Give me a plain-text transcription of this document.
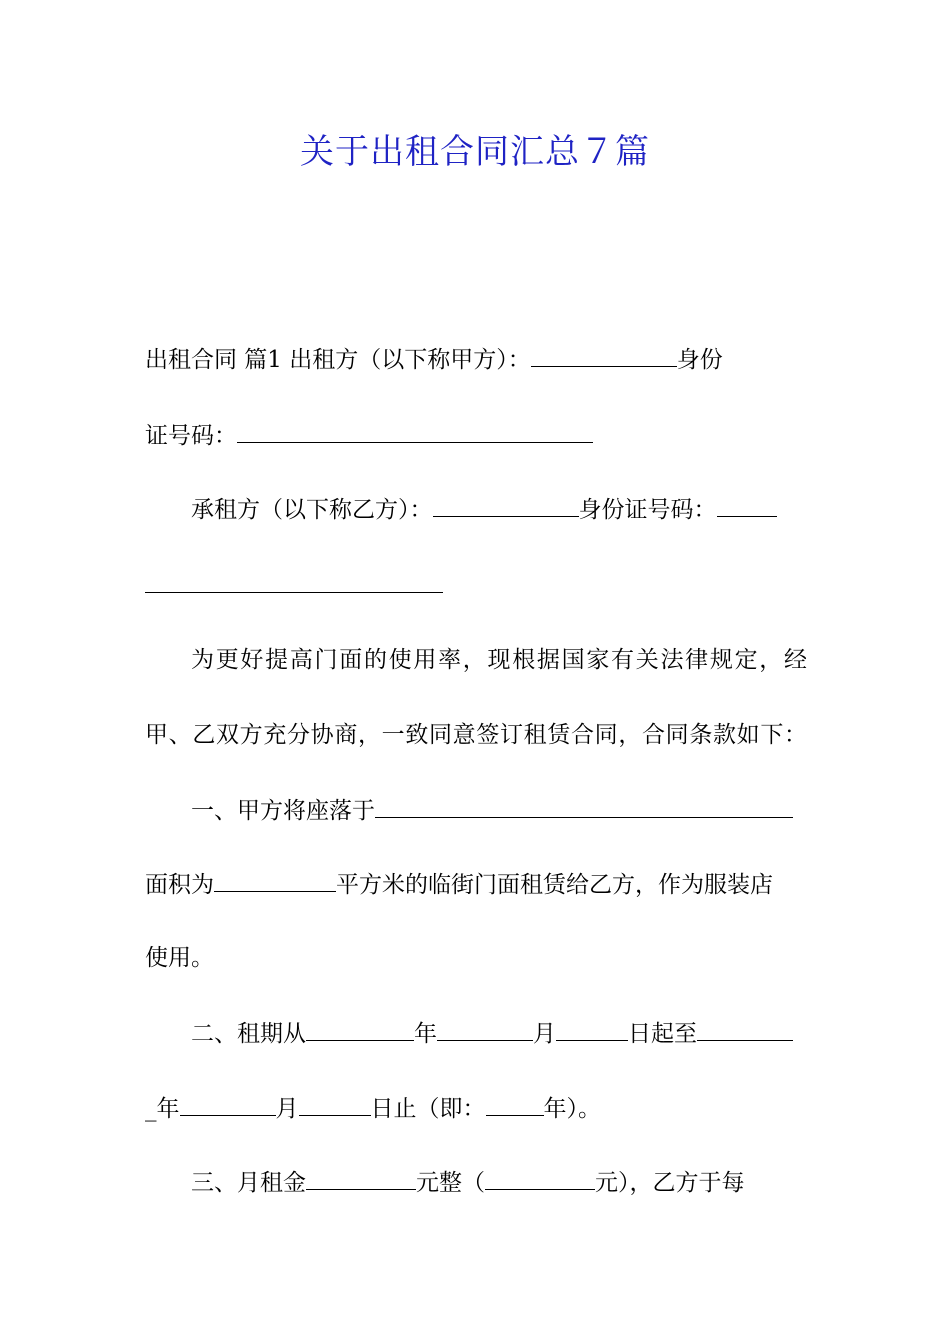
关于出租合同汇总７篇
出租合同 篇1 出租方（以下称甲方）：	身份
证号码：
承租方（以下称乙方）：	身份证号码：
为更好提高门面的使用率，现根据国家有关法律规定，经
甲、乙双方充分协商，一致同意签订租赁合同，合同条款如下：
一、甲方将座落于
面积为	平方米的临街门面租赁给乙方，作为服装店
使用。
二、租期从	年	月	日起至
_年	月	日止（即：	年）。
三、月租金	元整（	元），乙方于每
